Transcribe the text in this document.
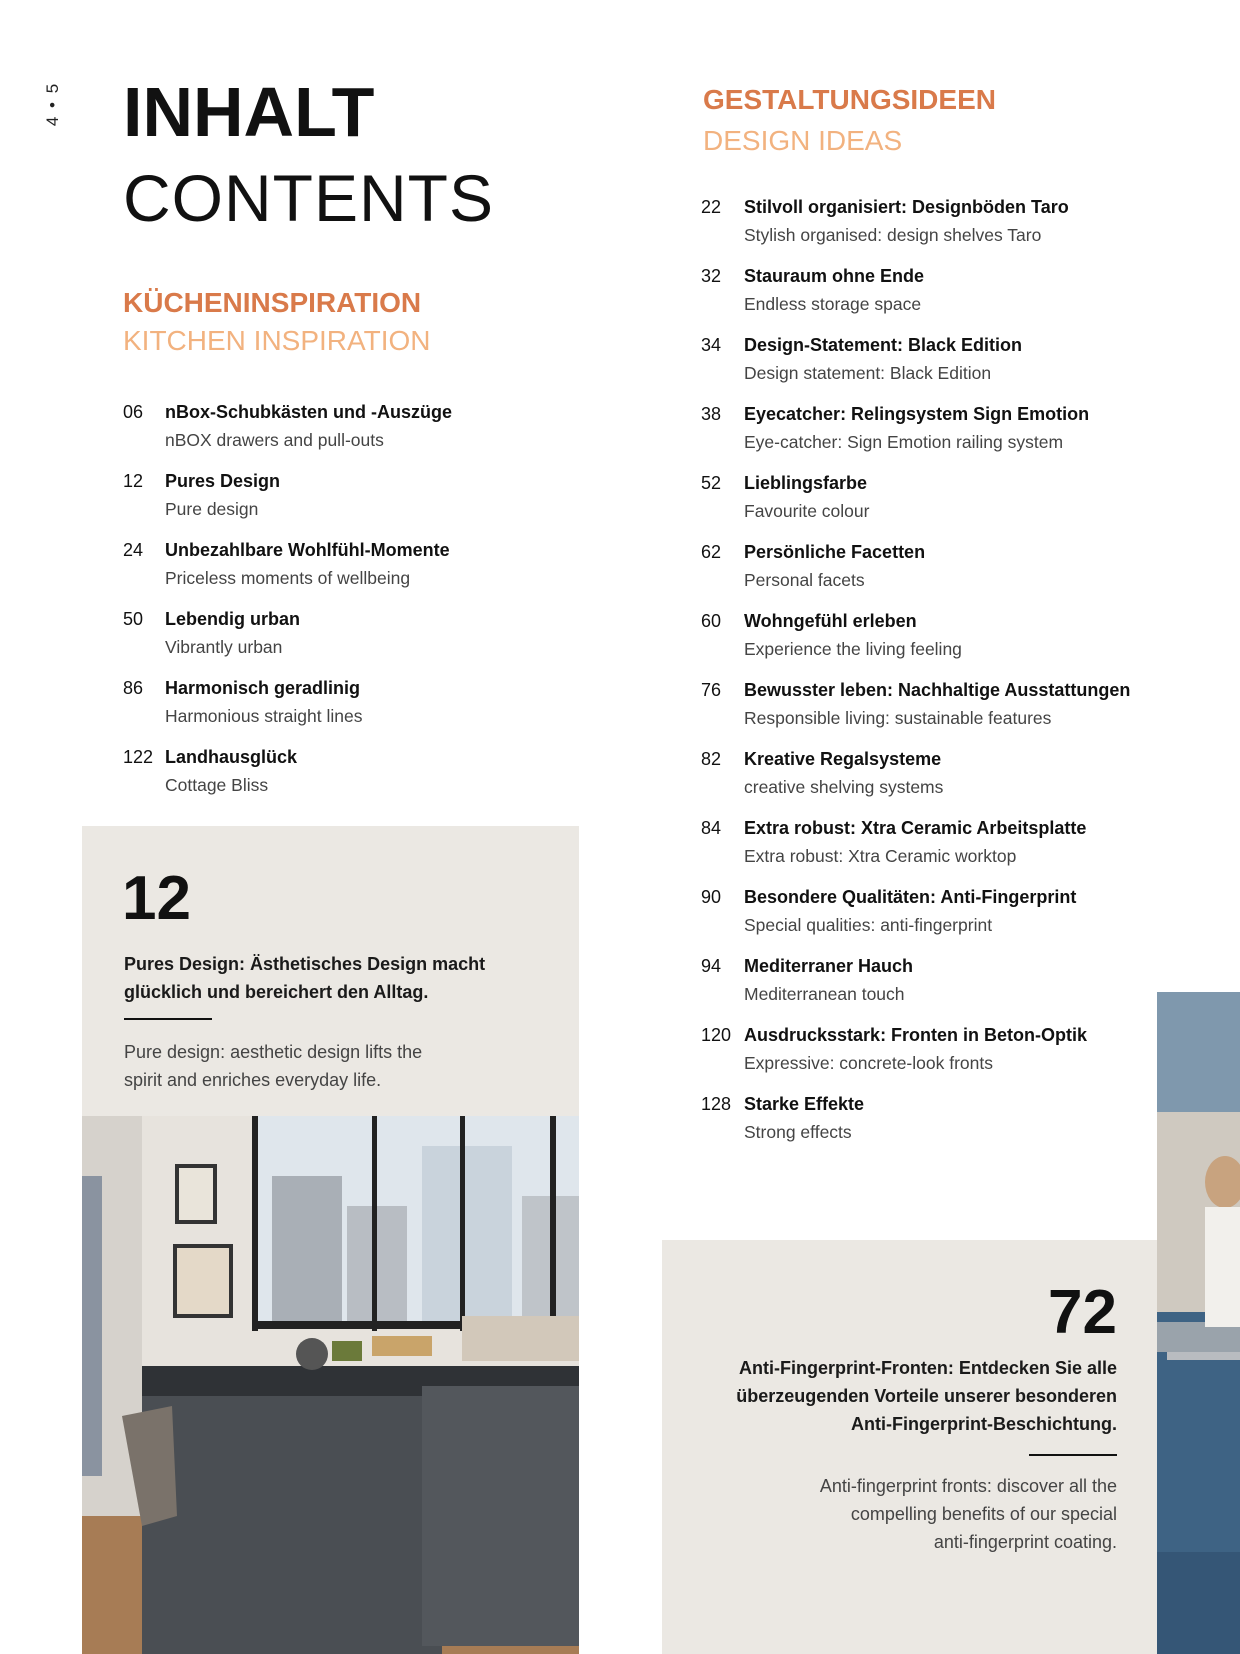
4 • 5 INHALT
CONTENTS
KÜCHENINSPIRATION
KITCHEN INSPIRATION
06	nBox-Schubkästen und -Auszüge
nBOX drawers and pull-outs
12	Pures Design
Pure design
24	Unbezahlbare Wohlfühl-Momente
Priceless moments of wellbeing
50	Lebendig urban
Vibrantly urban
86	Harmonisch geradlinig
Harmonious straight lines
122 Landhausglück
Cottage Bliss
GESTALTUNGSIDEEN
DESIGN IDEAS
22	Stilvoll organisiert: Designböden Taro
Stylish organised: design shelves Taro
32	Stauraum ohne Ende
Endless storage space
34	Design-Statement: Black Edition
Design statement: Black Edition
38	Eyecatcher: Relingsystem Sign Emotion
Eye-catcher: Sign Emotion railing system
52	Lieblingsfarbe
Favourite colour
62	Persönliche Facetten
Personal facets
60	Wohngefühl erleben
Experience the living feeling
76	Bewusster leben: Nachhaltige Ausstattungen
Responsible living: sustainable features
82	Kreative Regalsysteme
creative shelving systems
84	Extra robust: Xtra Ceramic Arbeitsplatte
Extra robust: Xtra Ceramic worktop
90	Besondere Qualitäten: Anti-Fingerprint
Special qualities: anti-fingerprint
94	Mediterraner Hauch
Mediterranean touch
120 Ausdrucksstark: Fronten in Beton-Optik
Expressive: concrete-look fronts
128 Starke Effekte
Strong effects

12

Pures Design: Ästhetisches Design macht glücklich und bereichert den Alltag.

Pure design: aesthetic design lifts the spirit and enriches everyday life.

72

Anti-Fingerprint-Fronten: Entdecken Sie alle überzeugenden Vorteile unserer besonderen Anti-Fingerprint-Beschichtung.

Anti-fingerprint fronts: discover all the compelling benefits of our special anti-fingerprint coating.
